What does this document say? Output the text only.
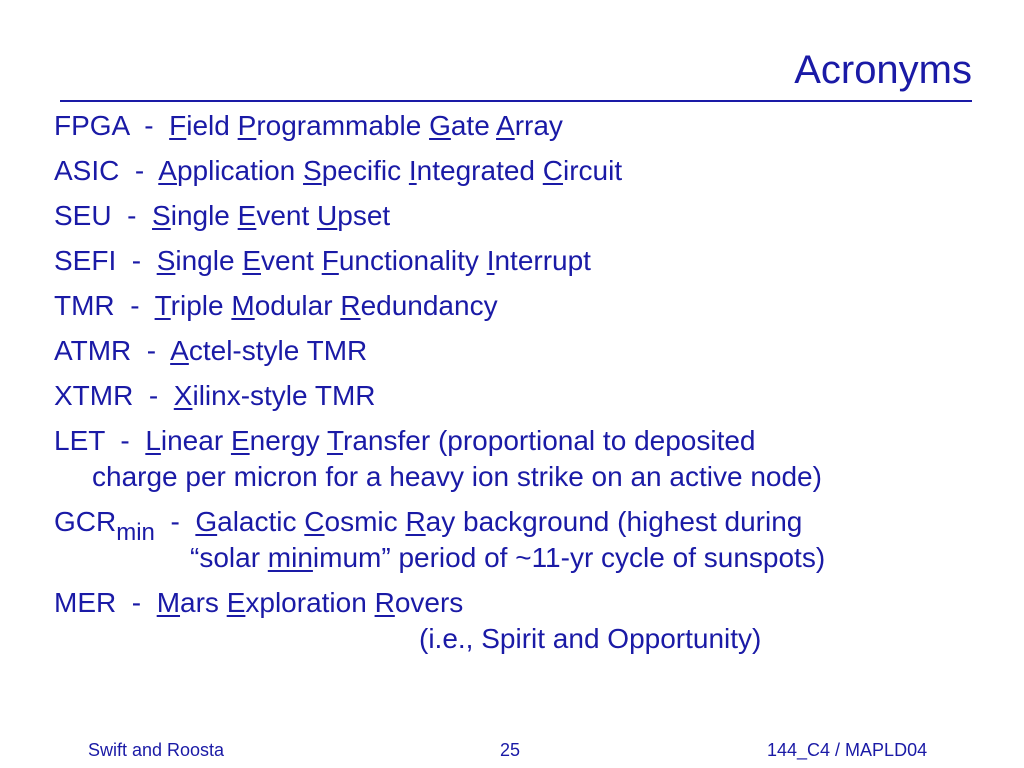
Acronyms
FPGA  -  Field Programmable Gate Array
ASIC  -  Application Specific Integrated Circuit
SEU  -  Single Event Upset
SEFI  -  Single Event Functionality Interrupt
TMR  -  Triple Modular Redundancy
ATMR  -  Actel-style TMR
XTMR  -  Xilinx-style TMR
LET  -  Linear Energy Transfer (proportional to deposited
charge per micron for a heavy ion strike on an active node)
$GCR_{min}$  -  Galactic Cosmic Ray background (highest during
“solar minimum” period of ~11-yr cycle of sunspots)
MER  -  Mars Exploration Rovers
(i.e., Spirit and Opportunity)
Swift and Roosta	25	144_C4 / MAPLD04
